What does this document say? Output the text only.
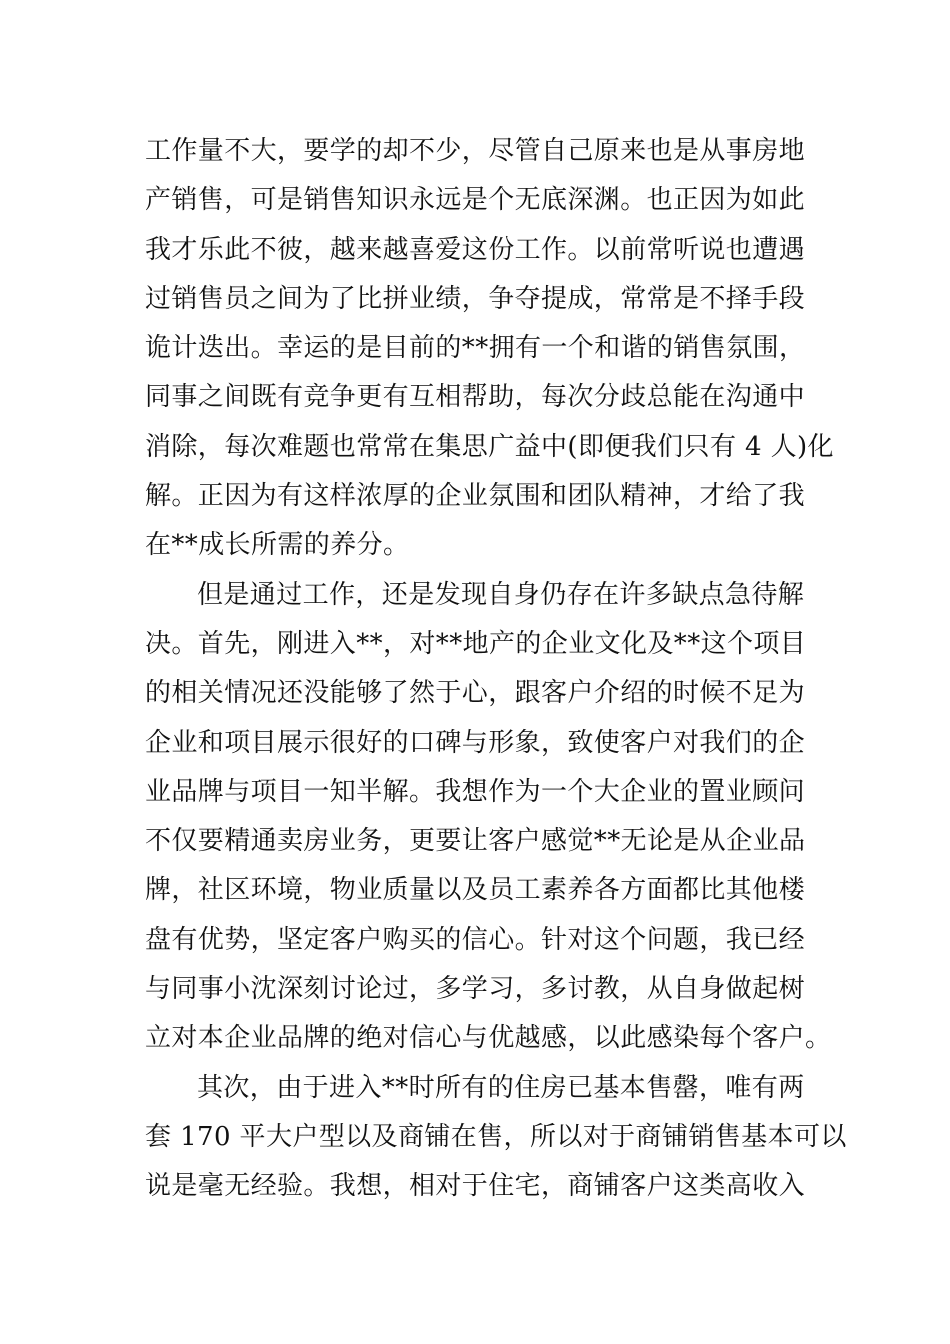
工作量不大，要学的却不少，尽管自己原来也是从事房地
产销售，可是销售知识永远是个无底深渊。也正因为如此
我才乐此不彼，越来越喜爱这份工作。以前常听说也遭遇
过销售员之间为了比拼业绩，争夺提成，常常是不择手段
诡计迭出。幸运的是目前的**拥有一个和谐的销售氛围，
同事之间既有竞争更有互相帮助，每次分歧总能在沟通中
消除，每次难题也常常在集思广益中(即便我们只有 4 人)化
解。正因为有这样浓厚的企业氛围和团队精神，才给了我
在**成长所需的养分。
但是通过工作，还是发现自身仍存在许多缺点急待解
决。首先，刚进入**，对**地产的企业文化及**这个项目
的相关情况还没能够了然于心，跟客户介绍的时候不足为
企业和项目展示很好的口碑与形象，致使客户对我们的企
业品牌与项目一知半解。我想作为一个大企业的置业顾问
不仅要精通卖房业务，更要让客户感觉**无论是从企业品
牌，社区环境，物业质量以及员工素养各方面都比其他楼
盘有优势，坚定客户购买的信心。针对这个问题，我已经
与同事小沈深刻讨论过，多学习，多讨教，从自身做起树
立对本企业品牌的绝对信心与优越感，以此感染每个客户。
其次，由于进入**时所有的住房已基本售罄，唯有两
套 170 平大户型以及商铺在售，所以对于商铺销售基本可以
说是毫无经验。我想，相对于住宅，商铺客户这类高收入
